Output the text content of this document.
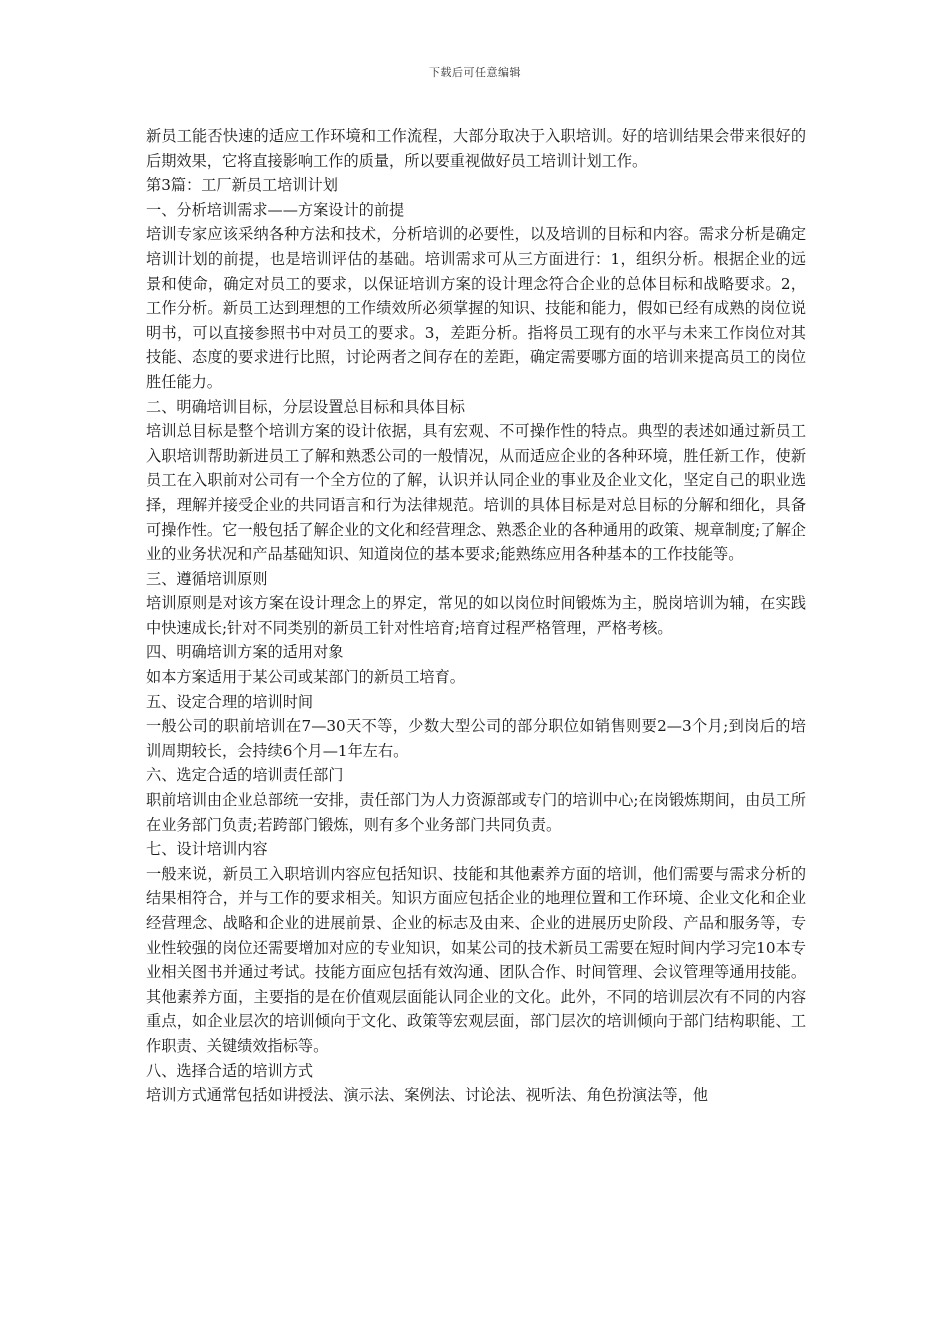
下载后可任意编辑

新员工能否快速的适应工作环境和工作流程，大部分取决于入职培训。好的培训结果会带来很好的后期效果，它将直接影响工作的质量，所以要重视做好员工培训计划工作。

第3篇：工厂新员工培训计划

一、分析培训需求——方案设计的前提

培训专家应该采纳各种方法和技术，分析培训的必要性，以及培训的目标和内容。需求分析是确定培训计划的前提，也是培训评估的基础。培训需求可从三方面进行：1，组织分析。根据企业的远景和使命，确定对员工的要求，以保证培训方案的设计理念符合企业的总体目标和战略要求。2，工作分析。新员工达到理想的工作绩效所必须掌握的知识、技能和能力，假如已经有成熟的岗位说明书，可以直接参照书中对员工的要求。3，差距分析。指将员工现有的水平与未来工作岗位对其技能、态度的要求进行比照，讨论两者之间存在的差距，确定需要哪方面的培训来提高员工的岗位胜任能力。

二、明确培训目标，分层设置总目标和具体目标

培训总目标是整个培训方案的设计依据，具有宏观、不可操作性的特点。典型的表述如通过新员工入职培训帮助新进员工了解和熟悉公司的一般情况，从而适应企业的各种环境，胜任新工作，使新员工在入职前对公司有一个全方位的了解，认识并认同企业的事业及企业文化，坚定自己的职业选择，理解并接受企业的共同语言和行为法律规范。培训的具体目标是对总目标的分解和细化，具备可操作性。它一般包括了解企业的文化和经营理念、熟悉企业的各种通用的政策、规章制度;了解企业的业务状况和产品基础知识、知道岗位的基本要求;能熟练应用各种基本的工作技能等。

三、遵循培训原则

培训原则是对该方案在设计理念上的界定，常见的如以岗位时间锻炼为主，脱岗培训为辅，在实践中快速成长;针对不同类别的新员工针对性培育;培育过程严格管理，严格考核。

四、明确培训方案的适用对象

如本方案适用于某公司或某部门的新员工培育。

五、设定合理的培训时间

一般公司的职前培训在7—30天不等，少数大型公司的部分职位如销售则要2—3个月;到岗后的培训周期较长，会持续6个月—1年左右。

六、选定合适的培训责任部门

职前培训由企业总部统一安排，责任部门为人力资源部或专门的培训中心;在岗锻炼期间，由员工所在业务部门负责;若跨部门锻炼，则有多个业务部门共同负责。

七、设计培训内容

一般来说，新员工入职培训内容应包括知识、技能和其他素养方面的培训，他们需要与需求分析的结果相符合，并与工作的要求相关。知识方面应包括企业的地理位置和工作环境、企业文化和企业经营理念、战略和企业的进展前景、企业的标志及由来、企业的进展历史阶段、产品和服务等，专业性较强的岗位还需要增加对应的专业知识，如某公司的技术新员工需要在短时间内学习完10本专业相关图书并通过考试。技能方面应包括有效沟通、团队合作、时间管理、会议管理等通用技能。其他素养方面，主要指的是在价值观层面能认同企业的文化。此外，不同的培训层次有不同的内容重点，如企业层次的培训倾向于文化、政策等宏观层面，部门层次的培训倾向于部门结构职能、工作职责、关键绩效指标等。

八、选择合适的培训方式

培训方式通常包括如讲授法、演示法、案例法、讨论法、视听法、角色扮演法等，他
